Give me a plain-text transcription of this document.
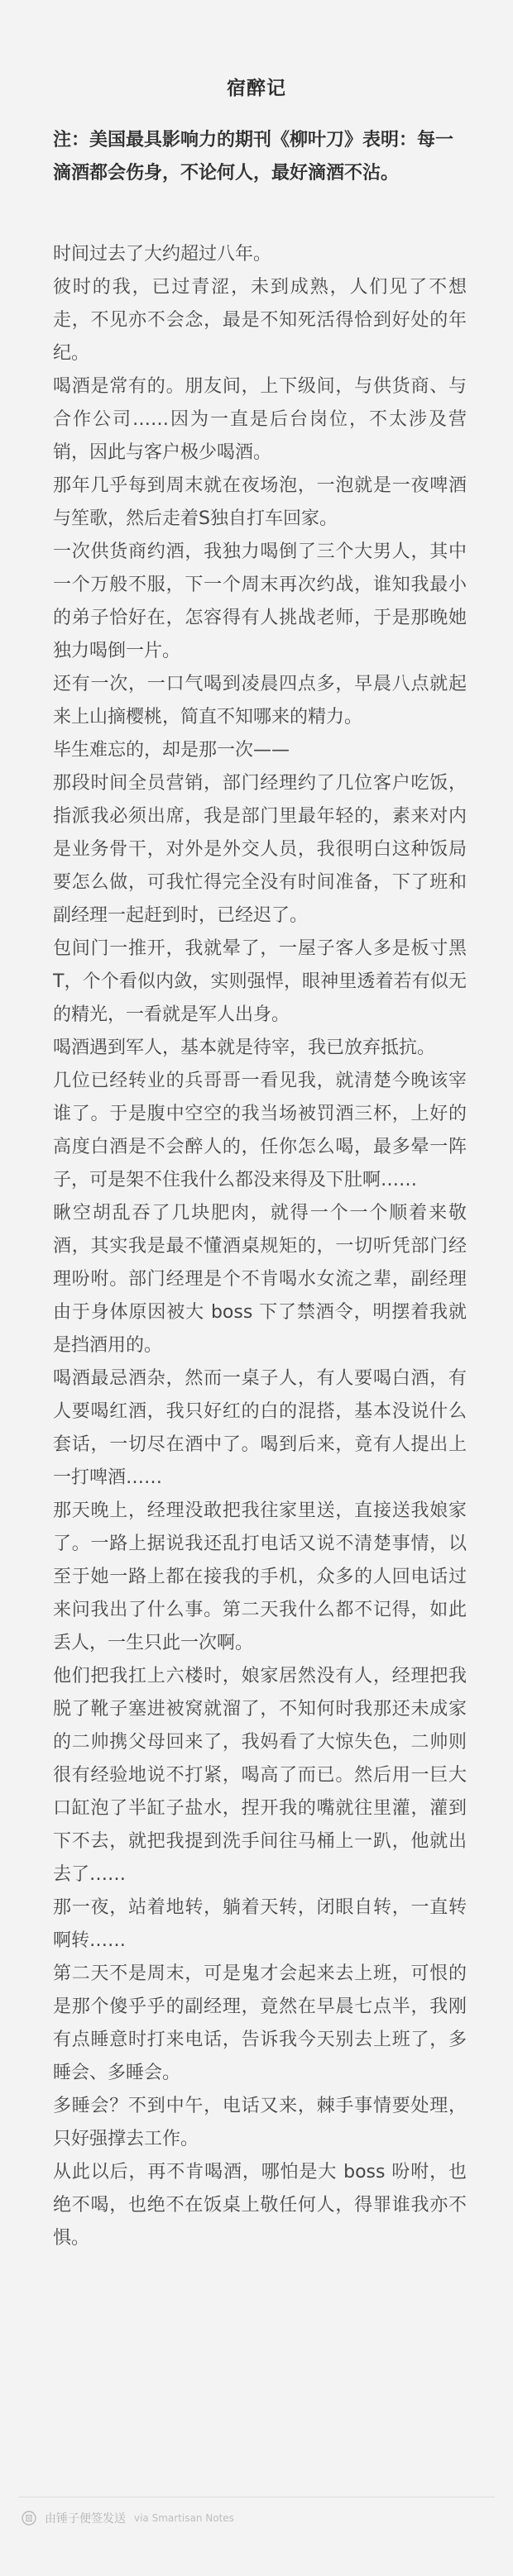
宿醉记

注：美国最具影响力的期刊《柳叶刀》表明：每一滴酒都会伤身，不论何人，最好滴酒不沾。

时间过去了大约超过八年。

彼时的我，已过青涩，未到成熟，人们见了不想走，不见亦不会念，最是不知死活得恰到好处的年纪。

喝酒是常有的。朋友间，上下级间，与供货商、与合作公司……因为一直是后台岗位，不太涉及营销，因此与客户极少喝酒。

那年几乎每到周末就在夜场泡，一泡就是一夜啤酒与笙歌，然后走着S独自打车回家。

一次供货商约酒，我独力喝倒了三个大男人，其中一个万般不服，下一个周末再次约战，谁知我最小的弟子恰好在，怎容得有人挑战老师，于是那晚她独力喝倒一片。

还有一次，一口气喝到凌晨四点多，早晨八点就起来上山摘樱桃，简直不知哪来的精力。

毕生难忘的，却是那一次——

那段时间全员营销，部门经理约了几位客户吃饭，指派我必须出席，我是部门里最年轻的，素来对内是业务骨干，对外是外交人员，我很明白这种饭局要怎么做，可我忙得完全没有时间准备，下了班和副经理一起赶到时，已经迟了。

包间门一推开，我就晕了，一屋子客人多是板寸黑 T，个个看似内敛，实则强悍，眼神里透着若有似无的精光，一看就是军人出身。

喝酒遇到军人，基本就是待宰，我已放弃抵抗。

几位已经转业的兵哥哥一看见我，就清楚今晚该宰谁了。于是腹中空空的我当场被罚酒三杯，上好的高度白酒是不会醉人的，任你怎么喝，最多晕一阵子，可是架不住我什么都没来得及下肚啊……

瞅空胡乱吞了几块肥肉，就得一个一个顺着来敬酒，其实我是最不懂酒桌规矩的，一切听凭部门经理吩咐。部门经理是个不肯喝水女流之辈，副经理由于身体原因被大 boss 下了禁酒令，明摆着我就是挡酒用的。

喝酒最忌酒杂，然而一桌子人，有人要喝白酒，有人要喝红酒，我只好红的白的混搭，基本没说什么套话，一切尽在酒中了。喝到后来，竟有人提出上一打啤酒……

那天晚上，经理没敢把我往家里送，直接送我娘家了。一路上据说我还乱打电话又说不清楚事情，以至于她一路上都在接我的手机，众多的人回电话过来问我出了什么事。第二天我什么都不记得，如此丢人，一生只此一次啊。

他们把我扛上六楼时，娘家居然没有人，经理把我脱了靴子塞进被窝就溜了，不知何时我那还未成家的二帅携父母回来了，我妈看了大惊失色，二帅则很有经验地说不打紧，喝高了而已。然后用一巨大口缸泡了半缸子盐水，捏开我的嘴就往里灌，灌到下不去，就把我提到洗手间往马桶上一趴，他就出去了……

那一夜，站着地转，躺着天转，闭眼自转，一直转啊转……

第二天不是周末，可是鬼才会起来去上班，可恨的是那个傻乎乎的副经理，竟然在早晨七点半，我刚有点睡意时打来电话，告诉我今天别去上班了，多睡会、多睡会。

多睡会？不到中午，电话又来，棘手事情要处理，只好强撑去工作。

从此以后，再不肯喝酒，哪怕是大 boss 吩咐，也绝不喝，也绝不在饭桌上敬任何人，得罪谁我亦不惧。

由锤子便签发送 via Smartisan Notes
